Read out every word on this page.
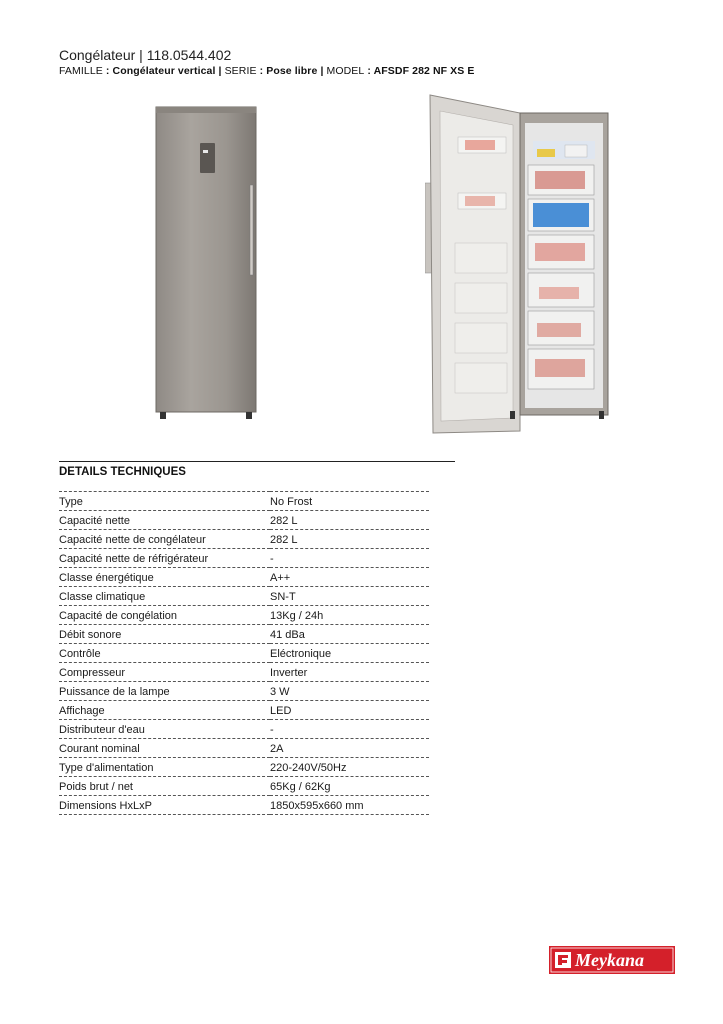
Congélateur | 118.0544.402
FAMILLE : Congélateur vertical | SERIE : Pose libre | MODEL : AFSDF 282 NF XS E
DETAILS TECHNIQUES
Type	No Frost
Capacité nette	282 L
Capacité nette de congélateur	282 L
Capacité nette de réfrigérateur	-
Classe énergétique	A++
Classe climatique	SN-T
Capacité de congélation	13Kg / 24h
Débit sonore	41 dBa
Contrôle	Eléctronique
Compresseur	Inverter
Puissance de la lampe	3 W
Affichage	LED
Distributeur d'eau	-
Courant nominal	2A
Type d'alimentation	220-240V/50Hz
Poids brut / net	65Kg / 62Kg
Dimensions HxLxP	1850x595x660 mm
Meykana
